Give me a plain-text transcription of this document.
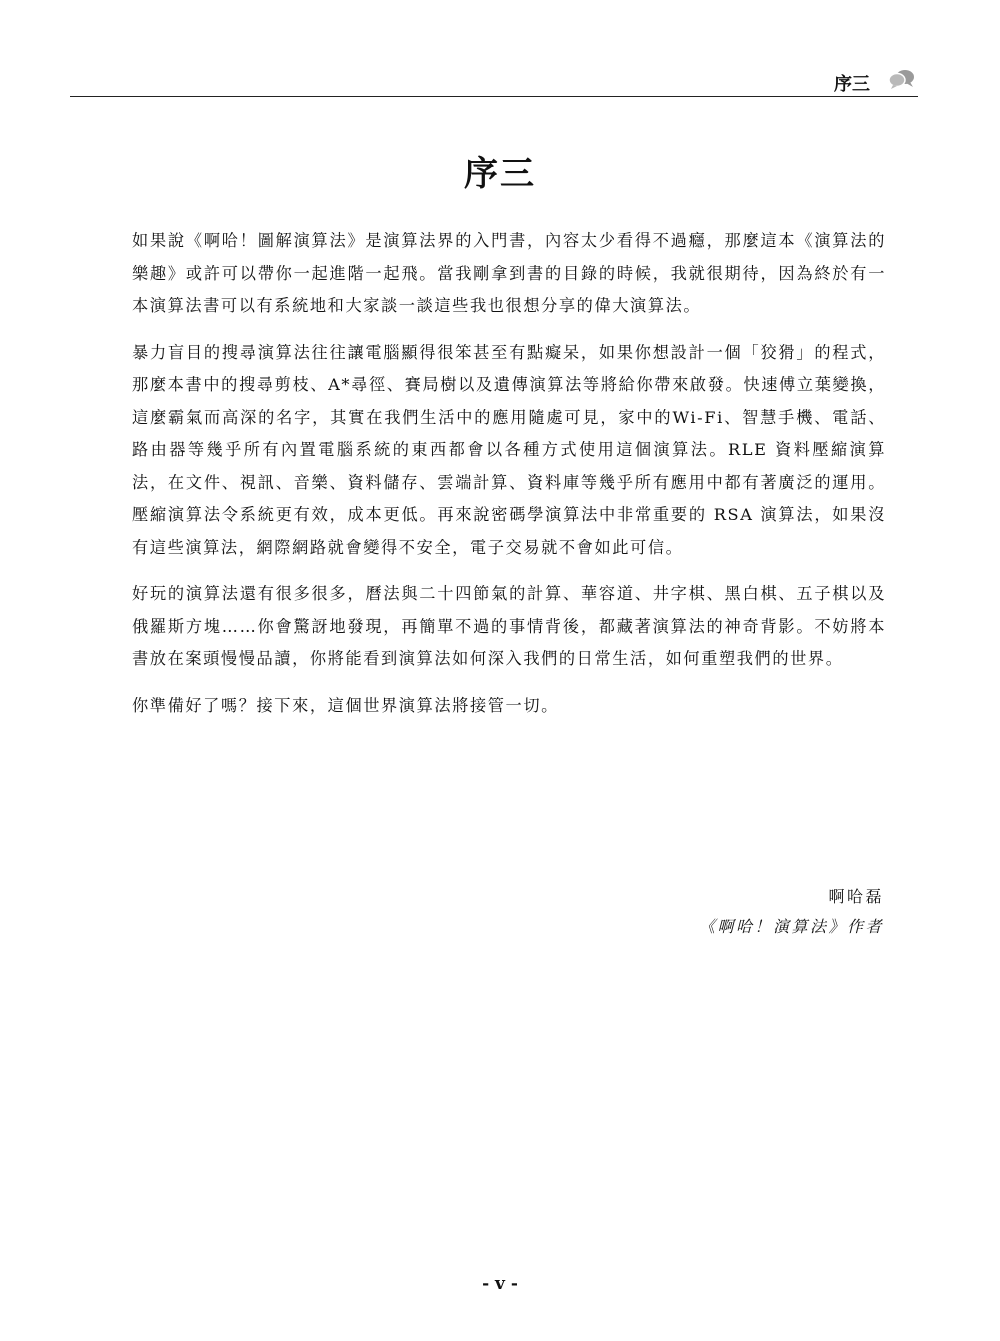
序三
序三

如果說《啊哈！圖解演算法》是演算法界的入門書，內容太少看得不過癮，那麼這本《演算法的樂趣》或許可以帶你一起進階一起飛。當我剛拿到書的目錄的時候，我就很期待，因為終於有一本演算法書可以有系統地和大家談一談這些我也很想分享的偉大演算法。

暴力盲目的搜尋演算法往往讓電腦顯得很笨甚至有點癡呆，如果你想設計一個「狡猾」的程式，那麼本書中的搜尋剪枝、A*尋徑、賽局樹以及遺傳演算法等將給你帶來啟發。快速傅立葉變換，這麼霸氣而高深的名字，其實在我們生活中的應用隨處可見，家中的Wi-Fi、智慧手機、電話、路由器等幾乎所有內置電腦系統的東西都會以各種方式使用這個演算法。RLE 資料壓縮演算法，在文件、視訊、音樂、資料儲存、雲端計算、資料庫等幾乎所有應用中都有著廣泛的運用。壓縮演算法令系統更有效，成本更低。再來說密碼學演算法中非常重要的 RSA 演算法，如果沒有這些演算法，網際網路就會變得不安全，電子交易就不會如此可信。

好玩的演算法還有很多很多，曆法與二十四節氣的計算、華容道、井字棋、黑白棋、五子棋以及俄羅斯方塊……你會驚訝地發現，再簡單不過的事情背後，都藏著演算法的神奇背影。不妨將本書放在案頭慢慢品讀，你將能看到演算法如何深入我們的日常生活，如何重塑我們的世界。

你準備好了嗎？接下來，這個世界演算法將接管一切。

啊哈磊
《啊哈！演算法》作者
- v -
